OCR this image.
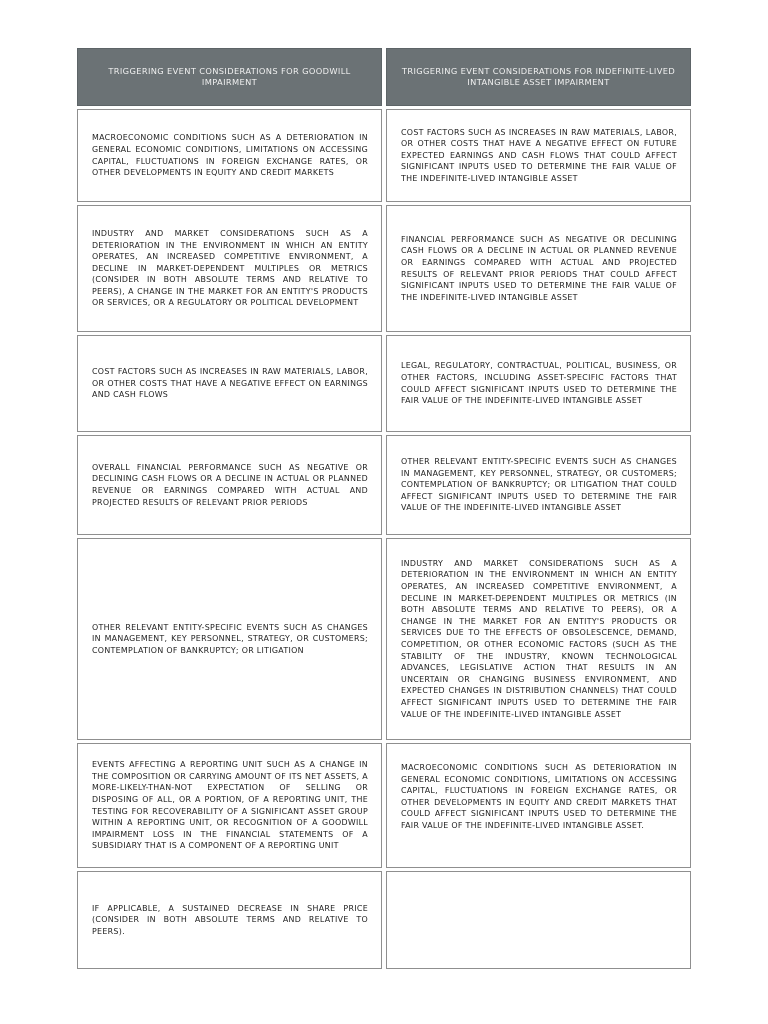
TRIGGERING EVENT CONSIDERATIONS FOR GOODWILL IMPAIRMENT
TRIGGERING EVENT CONSIDERATIONS FOR INDEFINITE-LIVED INTANGIBLE ASSET IMPAIRMENT
MACROECONOMIC CONDITIONS SUCH AS A DETERIORATION IN GENERAL ECONOMIC CONDITIONS, LIMITATIONS ON ACCESSING CAPITAL, FLUCTUATIONS IN FOREIGN EXCHANGE RATES, OR OTHER DEVELOPMENTS IN EQUITY AND CREDIT MARKETS
COST FACTORS SUCH AS INCREASES IN RAW MATERIALS, LABOR, OR OTHER COSTS THAT HAVE A NEGATIVE EFFECT ON FUTURE EXPECTED EARNINGS AND CASH FLOWS THAT COULD AFFECT SIGNIFICANT INPUTS USED TO DETERMINE THE FAIR VALUE OF THE INDEFINITE-LIVED INTANGIBLE ASSET
INDUSTRY AND MARKET CONSIDERATIONS SUCH AS A DETERIORATION IN THE ENVIRONMENT IN WHICH AN ENTITY OPERATES, AN INCREASED COMPETITIVE ENVIRONMENT, A DECLINE IN MARKET-DEPENDENT MULTIPLES OR METRICS (CONSIDER IN BOTH ABSOLUTE TERMS AND RELATIVE TO PEERS), A CHANGE IN THE MARKET FOR AN ENTITY'S PRODUCTS OR SERVICES, OR A REGULATORY OR POLITICAL DEVELOPMENT
FINANCIAL PERFORMANCE SUCH AS NEGATIVE OR DECLINING CASH FLOWS OR A DECLINE IN ACTUAL OR PLANNED REVENUE OR EARNINGS COMPARED WITH ACTUAL AND PROJECTED RESULTS OF RELEVANT PRIOR PERIODS THAT COULD AFFECT SIGNIFICANT INPUTS USED TO DETERMINE THE FAIR VALUE OF THE INDEFINITE-LIVED INTANGIBLE ASSET
COST FACTORS SUCH AS INCREASES IN RAW MATERIALS, LABOR, OR OTHER COSTS THAT HAVE A NEGATIVE EFFECT ON EARNINGS AND CASH FLOWS
LEGAL, REGULATORY, CONTRACTUAL, POLITICAL, BUSINESS, OR OTHER FACTORS, INCLUDING ASSET-SPECIFIC FACTORS THAT COULD AFFECT SIGNIFICANT INPUTS USED TO DETERMINE THE FAIR VALUE OF THE INDEFINITE-LIVED INTANGIBLE ASSET
OVERALL FINANCIAL PERFORMANCE SUCH AS NEGATIVE OR DECLINING CASH FLOWS OR A DECLINE IN ACTUAL OR PLANNED REVENUE OR EARNINGS COMPARED WITH ACTUAL AND PROJECTED RESULTS OF RELEVANT PRIOR PERIODS
OTHER RELEVANT ENTITY-SPECIFIC EVENTS SUCH AS CHANGES IN MANAGEMENT, KEY PERSONNEL, STRATEGY, OR CUSTOMERS; CONTEMPLATION OF BANKRUPTCY; OR LITIGATION THAT COULD AFFECT SIGNIFICANT INPUTS USED TO DETERMINE THE FAIR VALUE OF THE INDEFINITE-LIVED INTANGIBLE ASSET
OTHER RELEVANT ENTITY-SPECIFIC EVENTS SUCH AS CHANGES IN MANAGEMENT, KEY PERSONNEL, STRATEGY, OR CUSTOMERS; CONTEMPLATION OF BANKRUPTCY; OR LITIGATION
INDUSTRY AND MARKET CONSIDERATIONS SUCH AS A DETERIORATION IN THE ENVIRONMENT IN WHICH AN ENTITY OPERATES, AN INCREASED COMPETITIVE ENVIRONMENT, A DECLINE IN MARKET-DEPENDENT MULTIPLES OR METRICS (IN BOTH ABSOLUTE TERMS AND RELATIVE TO PEERS), OR A CHANGE IN THE MARKET FOR AN ENTITY'S PRODUCTS OR SERVICES DUE TO THE EFFECTS OF OBSOLESCENCE, DEMAND, COMPETITION, OR OTHER ECONOMIC FACTORS (SUCH AS THE STABILITY OF THE INDUSTRY, KNOWN TECHNOLOGICAL ADVANCES, LEGISLATIVE ACTION THAT RESULTS IN AN UNCERTAIN OR CHANGING BUSINESS ENVIRONMENT, AND EXPECTED CHANGES IN DISTRIBUTION CHANNELS) THAT COULD AFFECT SIGNIFICANT INPUTS USED TO DETERMINE THE FAIR VALUE OF THE INDEFINITE-LIVED INTANGIBLE ASSET
EVENTS AFFECTING A REPORTING UNIT SUCH AS A CHANGE IN THE COMPOSITION OR CARRYING AMOUNT OF ITS NET ASSETS, A MORE-LIKELY-THAN-NOT EXPECTATION OF SELLING OR DISPOSING OF ALL, OR A PORTION, OF A REPORTING UNIT, THE TESTING FOR RECOVERABILITY OF A SIGNIFICANT ASSET GROUP WITHIN A REPORTING UNIT, OR RECOGNITION OF A GOODWILL IMPAIRMENT LOSS IN THE FINANCIAL STATEMENTS OF A SUBSIDIARY THAT IS A COMPONENT OF A REPORTING UNIT
MACROECONOMIC CONDITIONS SUCH AS DETERIORATION IN GENERAL ECONOMIC CONDITIONS, LIMITATIONS ON ACCESSING CAPITAL, FLUCTUATIONS IN FOREIGN EXCHANGE RATES, OR OTHER DEVELOPMENTS IN EQUITY AND CREDIT MARKETS THAT COULD AFFECT SIGNIFICANT INPUTS USED TO DETERMINE THE FAIR VALUE OF THE INDEFINITE-LIVED INTANGIBLE ASSET.
IF APPLICABLE, A SUSTAINED DECREASE IN SHARE PRICE (CONSIDER IN BOTH ABSOLUTE TERMS AND RELATIVE TO PEERS).
